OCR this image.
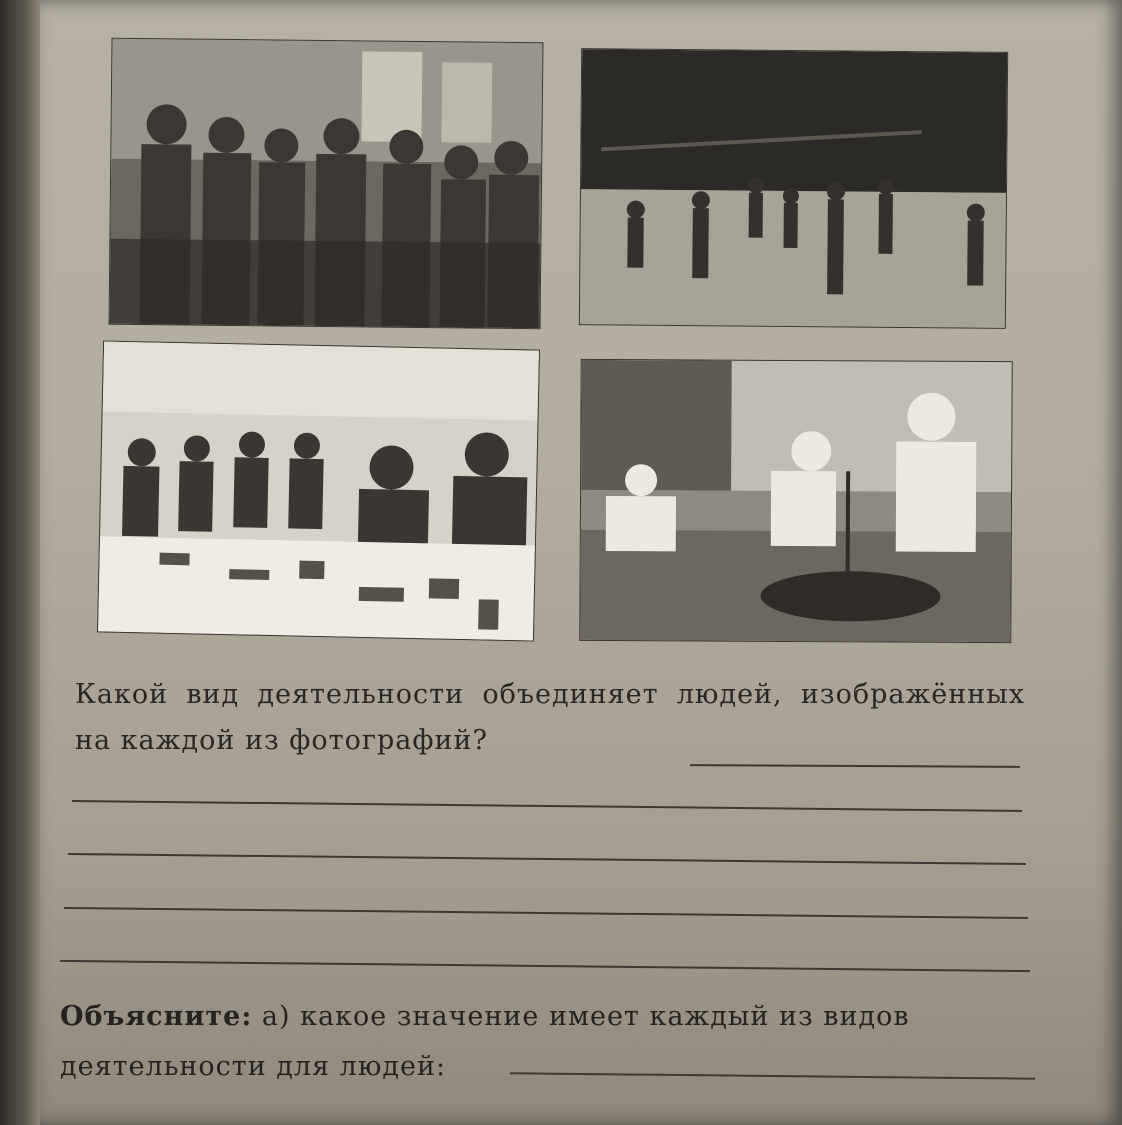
Какой вид деятельности объединяет людей, изображённых на каждой из фотографий?
Объясните: а) какое значение имеет каждый из видов деятельности для людей:
